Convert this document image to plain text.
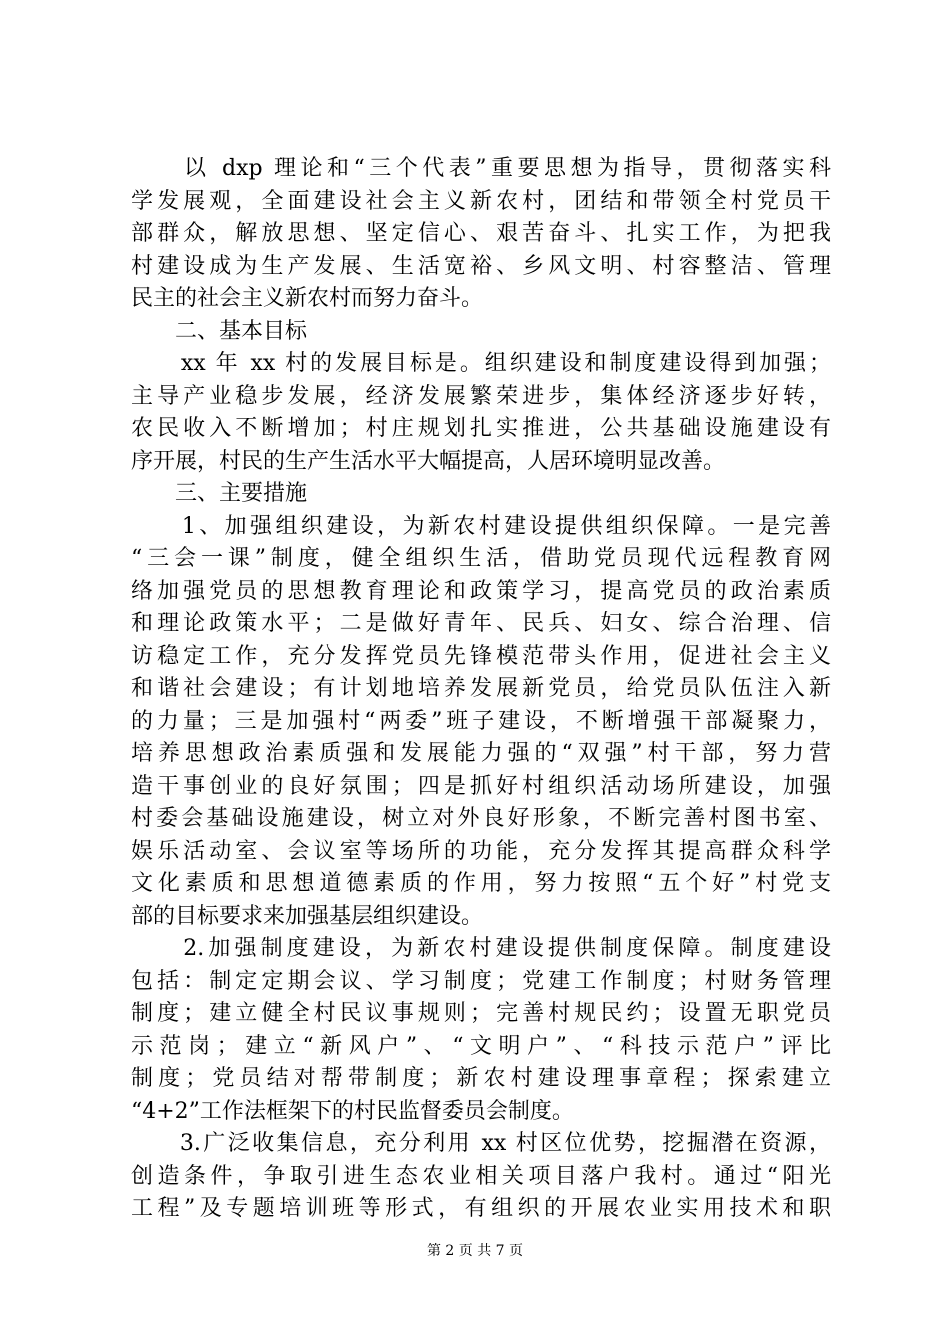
　　以 dxp 理论和“三个代表”重要思想为指导，贯彻落实科
学发展观，全面建设社会主义新农村，团结和带领全村党员干
部群众，解放思想、坚定信心、艰苦奋斗、扎实工作，为把我
村建设成为生产发展、生活宽裕、乡风文明、村容整洁、管理
民主的社会主义新农村而努力奋斗。
　　二、基本目标
　　xx 年 xx 村的发展目标是。组织建设和制度建设得到加强；
主导产业稳步发展，经济发展繁荣进步，集体经济逐步好转，
农民收入不断增加；村庄规划扎实推进，公共基础设施建设有
序开展，村民的生产生活水平大幅提高，人居环境明显改善。
　　三、主要措施
　　1、加强组织建设，为新农村建设提供组织保障。一是完善
“三会一课”制度，健全组织生活，借助党员现代远程教育网
络加强党员的思想教育理论和政策学习，提高党员的政治素质
和理论政策水平；二是做好青年、民兵、妇女、综合治理、信
访稳定工作，充分发挥党员先锋模范带头作用，促进社会主义
和谐社会建设；有计划地培养发展新党员，给党员队伍注入新
的力量；三是加强村“两委”班子建设，不断增强干部凝聚力，
培养思想政治素质强和发展能力强的“双强”村干部，努力营
造干事创业的良好氛围；四是抓好村组织活动场所建设，加强
村委会基础设施建设，树立对外良好形象，不断完善村图书室、
娱乐活动室、会议室等场所的功能，充分发挥其提高群众科学
文化素质和思想道德素质的作用，努力按照“五个好”村党支
部的目标要求来加强基层组织建设。
　　2.加强制度建设，为新农村建设提供制度保障。制度建设
包括：制定定期会议、学习制度；党建工作制度；村财务管理
制度；建立健全村民议事规则；完善村规民约；设置无职党员
示范岗；建立“新风户”、“文明户”、“科技示范户”评比
制度；党员结对帮带制度；新农村建设理事章程；探索建立
“4+2”工作法框架下的村民监督委员会制度。
　　3.广泛收集信息，充分利用 xx 村区位优势，挖掘潜在资源，
创造条件，争取引进生态农业相关项目落户我村。通过“阳光
工程”及专题培训班等形式，有组织的开展农业实用技术和职
第 2 页 共 7 页
